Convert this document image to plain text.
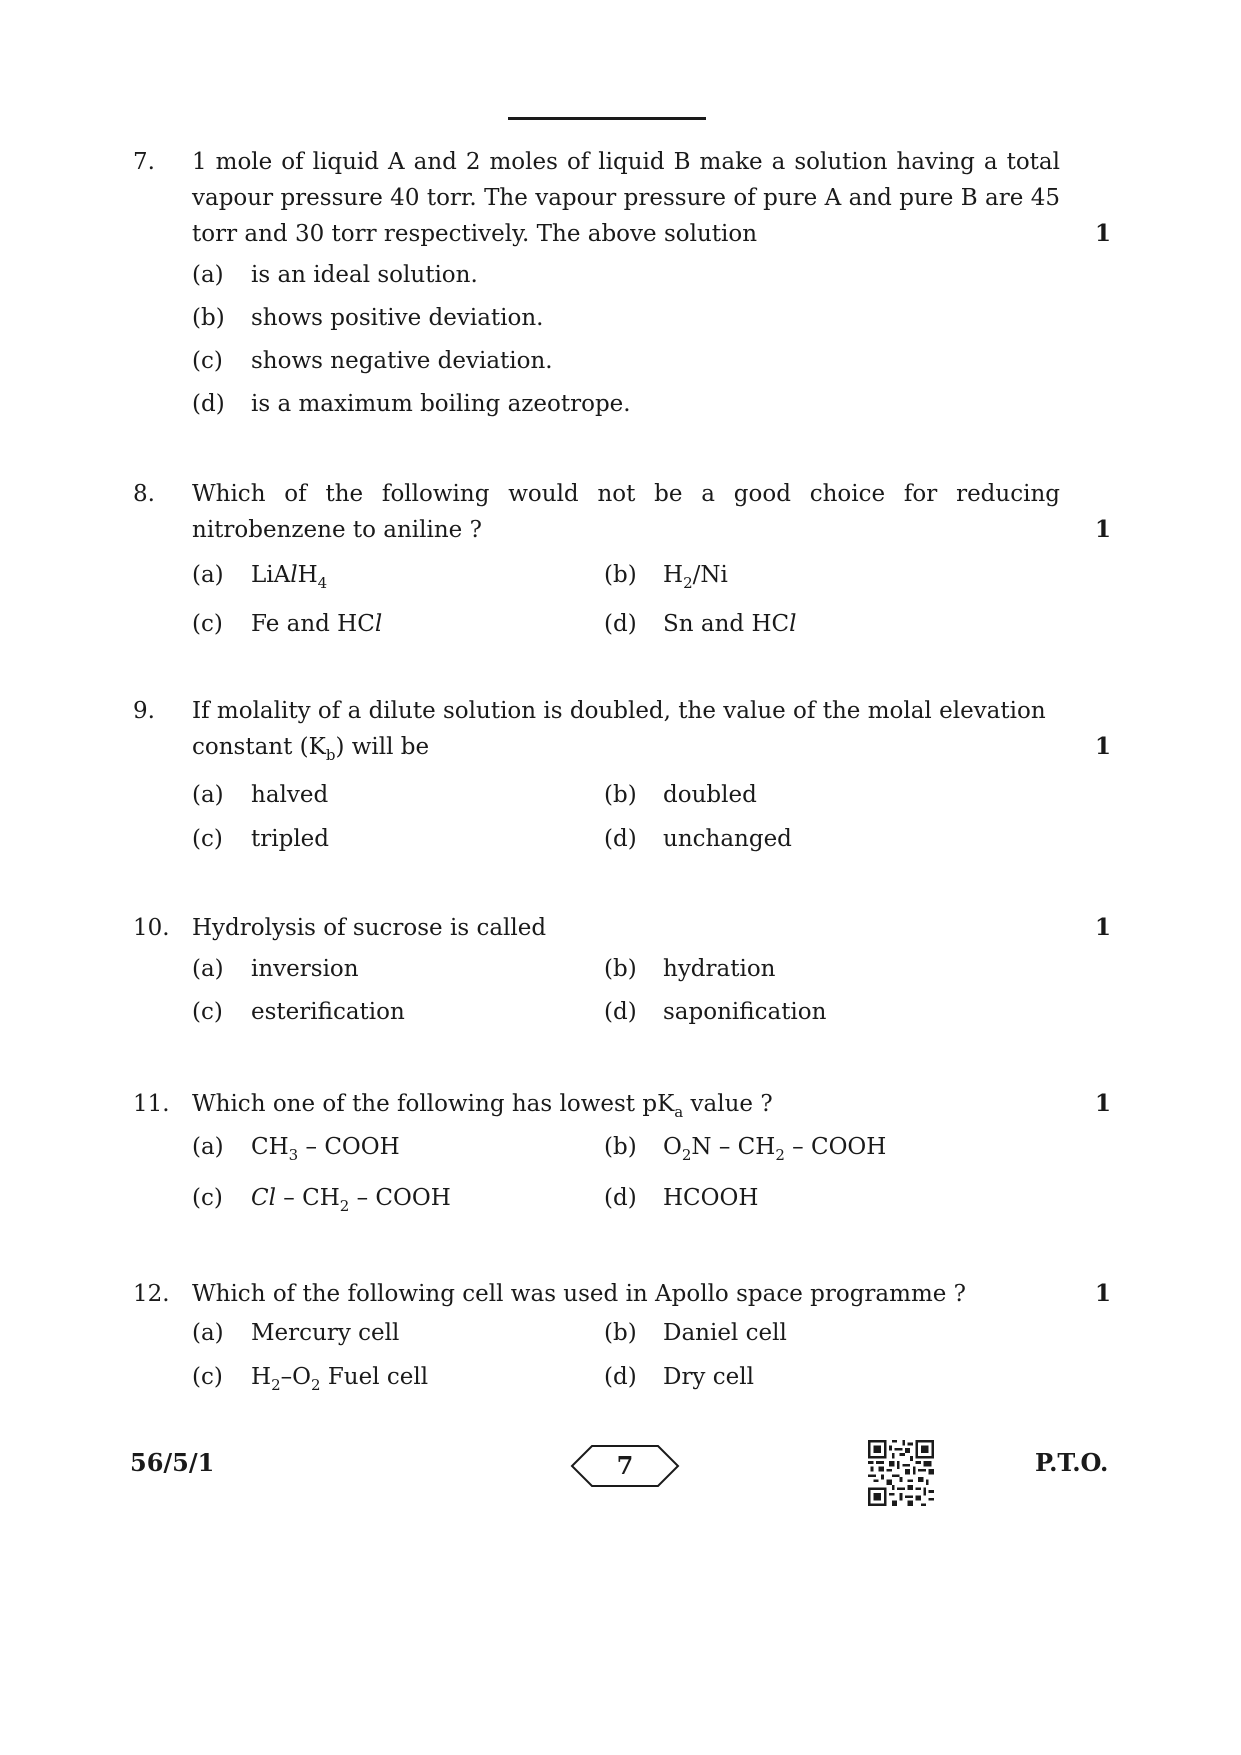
7. 1 mole of liquid A and 2 moles of liquid B make a solution having a total vapour pressure 40 torr. The vapour pressure of pure A and pure B are 45 torr and 30 torr respectively. The above solution	1
(a) is an ideal solution.
(b) shows positive deviation.
(c) shows negative deviation.
(d) is a maximum boiling azeotrope.
8. Which of the following would not be a good choice for reducing
nitrobenzene to aniline ?	1
(a) LiAlH$_4$	(b) $H_2/Ni$
(c) Fe and HCl	(d) Sn and HCl
9. If molality of a dilute solution is doubled, the value of the molal elevation
constant $(K_b)$ will be	1
(a) halved	(b) doubled
(c) tripled	(d) unchanged
10. Hydrolysis of sucrose is called	1
(a) inversion	(b) hydration
(c) esterification	(d) saponification
11. Which one of the following has lowest $pK_a$ value ?	1
(a) $CH_3$ – COOH	(b) $O_2N - CH_2$ – COOH
(c) Cl – $CH_2$ – COOH	(d) HCOOH
12. Which of the following cell was used in Apollo space programme ?	1
(a) Mercury cell	(b) Daniel cell
(c) $H_2-O_2$ Fuel cell	(d) Dry cell
56/5/1	7	P.T.O.
